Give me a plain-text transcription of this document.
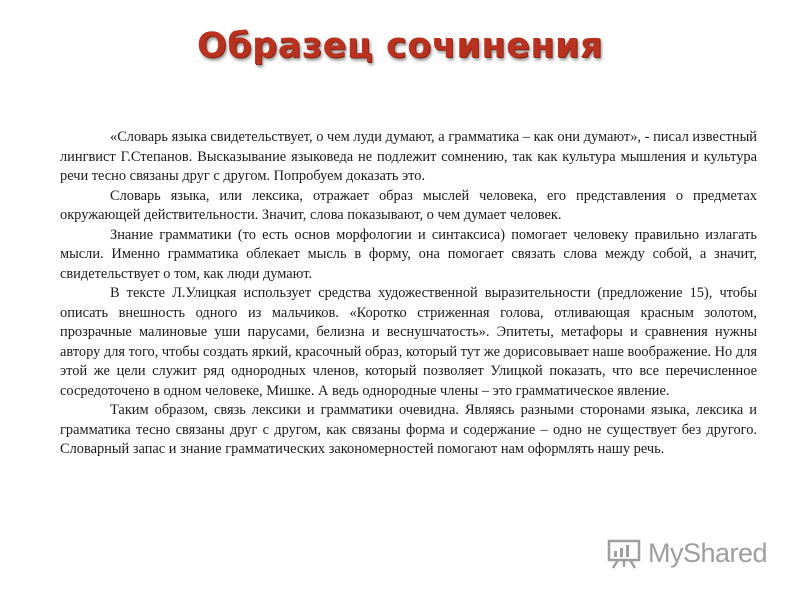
Образец сочинения

«Словарь языка свидетельствует, о чем луди думают, а грамматика – как они думают», - писал известный лингвист Г.Степанов. Высказывание языковеда не подлежит сомнению, так как культура мышления и культура речи тесно связаны друг с другом. Попробуем доказать это.

Словарь языка, или лексика, отражает образ мыслей человека, его представления о предметах окружающей действительности. Значит, слова показывают, о чем думает человек.

Знание грамматики (то есть основ морфологии и синтаксиса) помогает человеку правильно излагать мысли. Именно грамматика облекает мысль в форму, она помогает связать слова между собой, а значит, свидетельствует о том, как люди думают.

В тексте Л.Улицкая использует средства художественной выразительности (предложение 15), чтобы описать внешность одного из мальчиков. «Коротко стриженная голова, отливающая красным золотом, прозрачные малиновые уши парусами, белизна и веснушчатость». Эпитеты, метафоры и сравнения нужны автору для того, чтобы создать яркий, красочный образ, который тут же дорисовывает наше воображение. Но для этой же цели служит ряд однородных членов, который позволяет Улицкой показать, что все перечисленное сосредоточено в одном человеке, Мишке. А ведь однородные члены – это грамматическое явление.

Таким образом, связь лексики и грамматики очевидна. Являясь разными сторонами языка, лексика и грамматика тесно связаны друг с другом, как связаны форма и содержание – одно не существует без другого. Словарный запас и знание грамматических закономерностей помогают нам оформлять нашу речь.

MyShared
